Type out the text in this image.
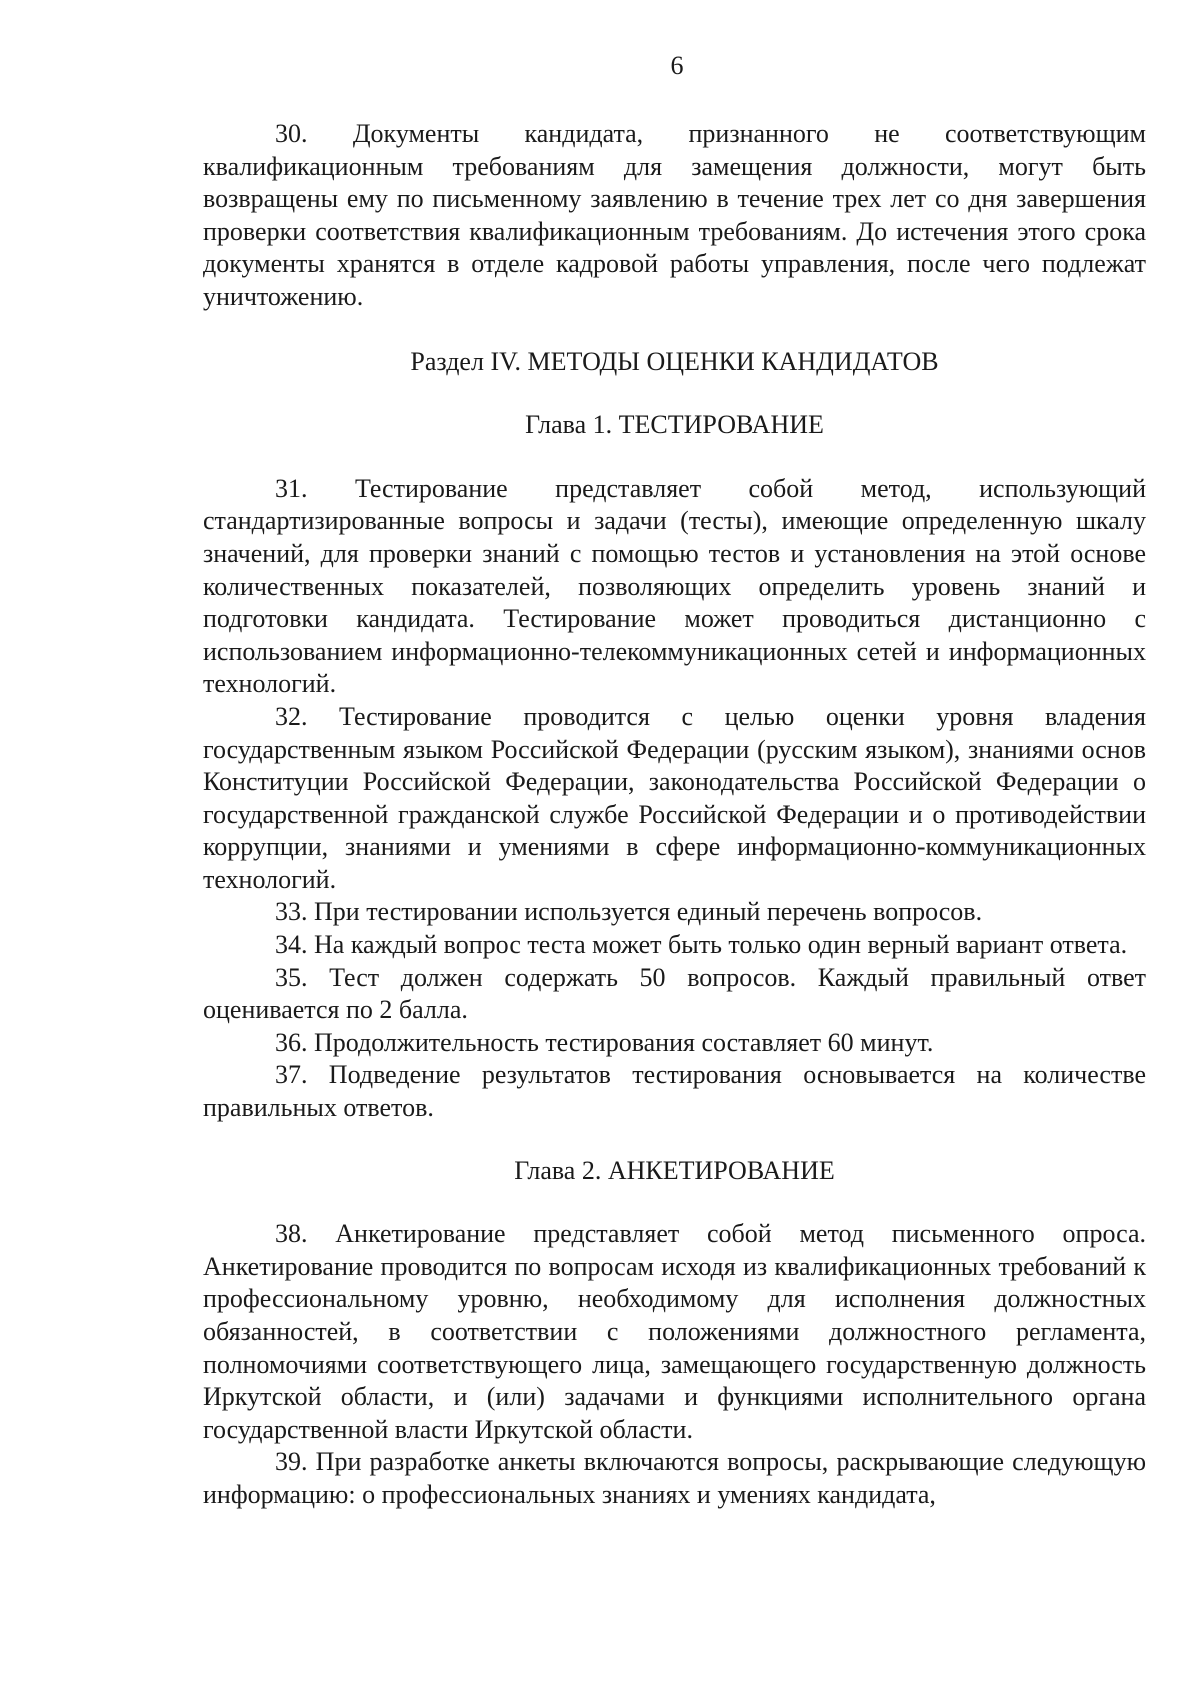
6

30. Документы кандидата, признанного не соответствующим квалификационным требованиям для замещения должности, могут быть возвращены ему по письменному заявлению в течение трех лет со дня завершения проверки соответствия квалификационным требованиям. До истечения этого срока документы хранятся в отделе кадровой работы управления, после чего подлежат уничтожению.

Раздел IV. МЕТОДЫ ОЦЕНКИ КАНДИДАТОВ

Глава 1. ТЕСТИРОВАНИЕ

31. Тестирование представляет собой метод, использующий стандартизированные вопросы и задачи (тесты), имеющие определенную шкалу значений, для проверки знаний с помощью тестов и установления на этой основе количественных показателей, позволяющих определить уровень знаний и подготовки кандидата. Тестирование может проводиться дистанционно с использованием информационно-телекоммуникационных сетей и информационных технологий.

32. Тестирование проводится с целью оценки уровня владения государственным языком Российской Федерации (русским языком), знаниями основ Конституции Российской Федерации, законодательства Российской Федерации о государственной гражданской службе Российской Федерации и о противодействии коррупции, знаниями и умениями в сфере информационно-коммуникационных технологий.

33. При тестировании используется единый перечень вопросов.

34. На каждый вопрос теста может быть только один верный вариант ответа.

35. Тест должен содержать 50 вопросов. Каждый правильный ответ оценивается по 2 балла.

36. Продолжительность тестирования составляет 60 минут.

37. Подведение результатов тестирования основывается на количестве правильных ответов.

Глава 2. АНКЕТИРОВАНИЕ

38. Анкетирование представляет собой метод письменного опроса. Анкетирование проводится по вопросам исходя из квалификационных требований к профессиональному уровню, необходимому для исполнения должностных обязанностей, в соответствии с положениями должностного регламента, полномочиями соответствующего лица, замещающего государственную должность Иркутской области, и (или) задачами и функциями исполнительного органа государственной власти Иркутской области.

39. При разработке анкеты включаются вопросы, раскрывающие следующую информацию: о профессиональных знаниях и умениях кандидата,
